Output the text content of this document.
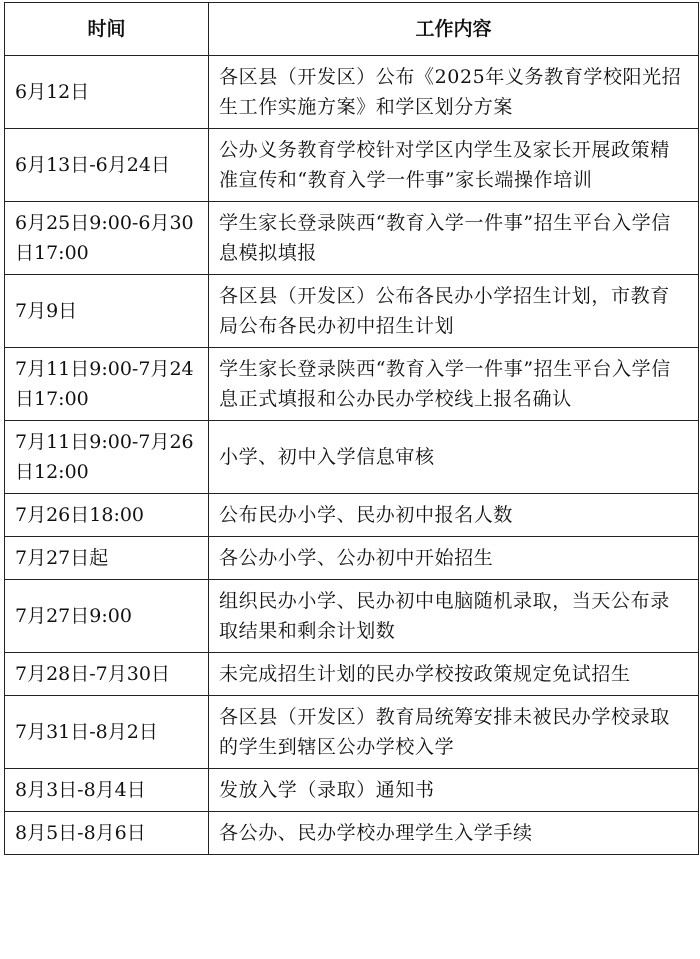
时间	工作内容
6月12日	各区县（开发区）公布《2025年义务教育学校阳光招生工作实施方案》和学区划分方案
6月13日-6月24日	公办义务教育学校针对学区内学生及家长开展政策精准宣传和“教育入学一件事”家长端操作培训
6月25日9:00-6月30日17:00	学生家长登录陕西“教育入学一件事”招生平台入学信息模拟填报
7月9日	各区县（开发区）公布各民办小学招生计划，市教育局公布各民办初中招生计划
7月11日9:00-7月24日17:00	学生家长登录陕西“教育入学一件事”招生平台入学信息正式填报和公办民办学校线上报名确认
7月11日9:00-7月26日12:00	小学、初中入学信息审核
7月26日18:00	公布民办小学、民办初中报名人数
7月27日起	各公办小学、公办初中开始招生
7月27日9:00	组织民办小学、民办初中电脑随机录取，当天公布录取结果和剩余计划数
7月28日-7月30日	未完成招生计划的民办学校按政策规定免试招生
7月31日-8月2日	各区县（开发区）教育局统筹安排未被民办学校录取的学生到辖区公办学校入学
8月3日-8月4日	发放入学（录取）通知书
8月5日-8月6日	各公办、民办学校办理学生入学手续
